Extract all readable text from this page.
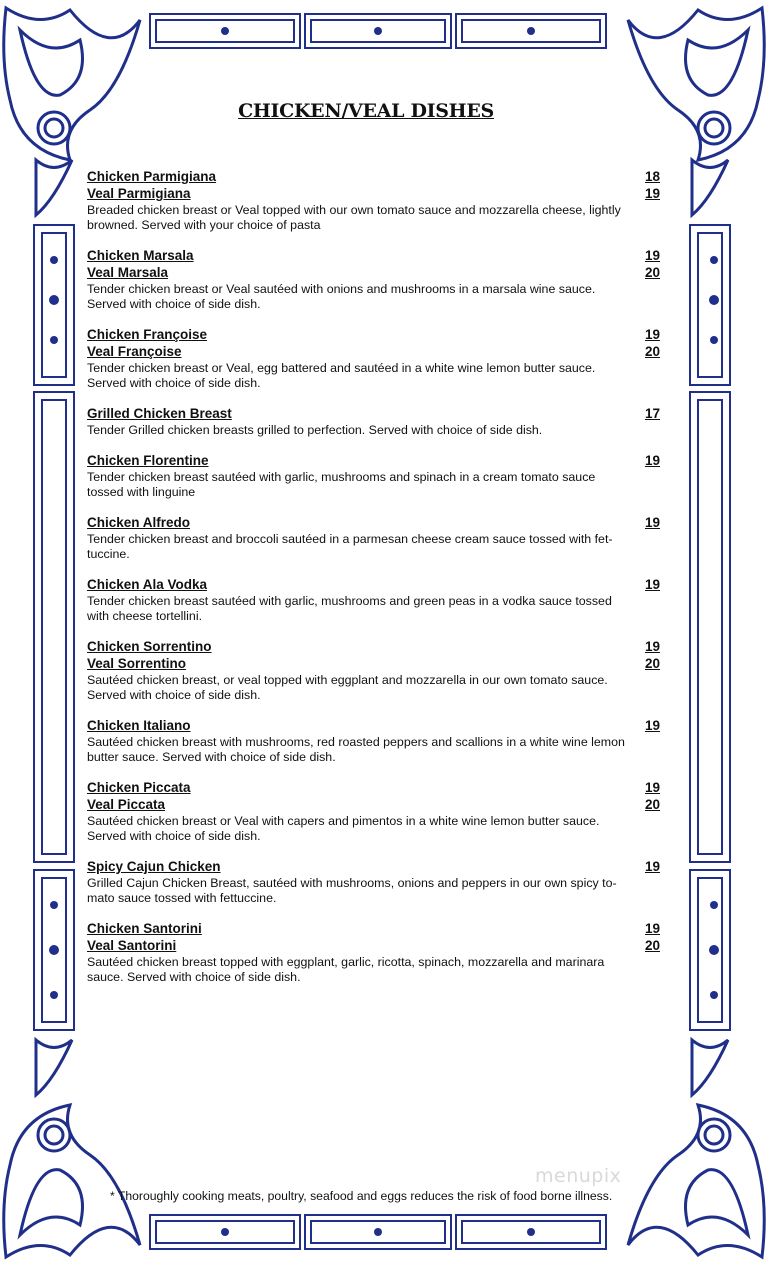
CHICKEN/VEAL DISHES
Chicken Parmigiana	18
Veal Parmigiana	19
Breaded chicken breast or Veal topped with our own tomato sauce and mozzarella cheese, lightly
browned. Served with your choice of pasta
Chicken Marsala	19
Veal Marsala	20
Tender chicken breast or Veal sautéed with onions and mushrooms in a marsala wine sauce.
Served with choice of side dish.
Chicken Françoise	19
Veal Françoise	20
Tender chicken breast or Veal, egg battered and sautéed in a white wine lemon butter sauce.
Served with choice of side dish.
Grilled Chicken Breast	17
Tender Grilled chicken breasts grilled to perfection. Served with choice of side dish.
Chicken Florentine	19
Tender chicken breast sautéed with garlic, mushrooms and spinach in a cream tomato sauce
tossed with linguine
Chicken Alfredo	19
Tender chicken breast and broccoli sautéed in a parmesan cheese cream sauce tossed with fet-
tuccine.
Chicken Ala Vodka	19
Tender chicken breast sautéed with garlic, mushrooms and green peas in a vodka sauce tossed
with cheese tortellini.
Chicken Sorrentino	19
Veal Sorrentino	20
Sautéed chicken breast, or veal topped with eggplant and mozzarella in our own tomato sauce.
Served with choice of side dish.
Chicken Italiano	19
Sautéed chicken breast with mushrooms, red roasted peppers and scallions in a white wine lemon
butter sauce. Served with choice of side dish.
Chicken Piccata	19
Veal Piccata	20
Sautéed chicken breast or Veal with capers and pimentos in a white wine lemon butter sauce.
Served with choice of side dish.
Spicy Cajun Chicken	19
Grilled Cajun Chicken Breast, sautéed with mushrooms, onions and peppers in our own spicy to-
mato sauce tossed with fettuccine.
Chicken Santorini	19
Veal Santorini	20
Sautéed chicken breast topped with eggplant, garlic, ricotta, spinach, mozzarella and marinara
sauce. Served with choice of side dish.
menupix
* Thoroughly cooking meats, poultry, seafood and eggs reduces the risk of food borne illness.
